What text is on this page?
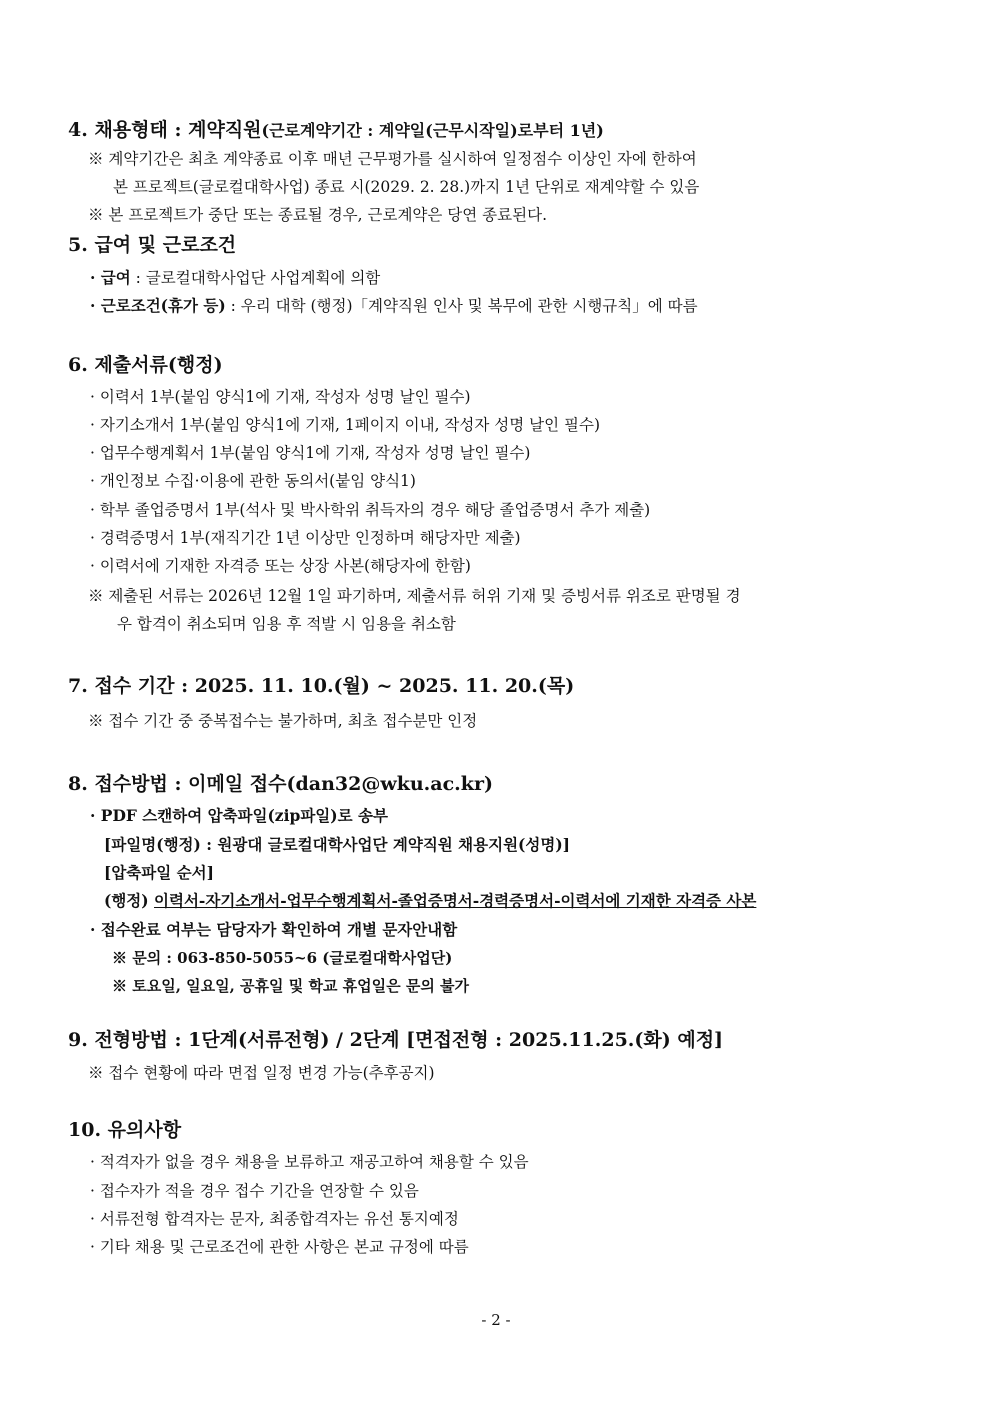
4. 채용형태 : 계약직원(근로계약기간 : 계약일(근무시작일)로부터 1년)
※ 계약기간은 최초 계약종료 이후 매년 근무평가를 실시하여 일정점수 이상인 자에 한하여
본 프로젝트(글로컬대학사업) 종료 시(2029. 2. 28.)까지 1년 단위로 재계약할 수 있음
※ 본 프로젝트가 중단 또는 종료될 경우, 근로계약은 당연 종료된다.
5. 급여 및 근로조건
· 급여 : 글로컬대학사업단 사업계획에 의함
· 근로조건(휴가 등) : 우리 대학 (행정)「계약직원 인사 및 복무에 관한 시행규칙」에 따름
6. 제출서류(행정)
· 이력서 1부(붙임 양식1에 기재, 작성자 성명 날인 필수)
· 자기소개서 1부(붙임 양식1에 기재, 1페이지 이내, 작성자 성명 날인 필수)
· 업무수행계획서 1부(붙임 양식1에 기재, 작성자 성명 날인 필수)
· 개인정보 수집·이용에 관한 동의서(붙임 양식1)
· 학부 졸업증명서 1부(석사 및 박사학위 취득자의 경우 해당 졸업증명서 추가 제출)
· 경력증명서 1부(재직기간 1년 이상만 인정하며 해당자만 제출)
· 이력서에 기재한 자격증 또는 상장 사본(해당자에 한함)
※ 제출된 서류는 2026년 12월 1일 파기하며, 제출서류 허위 기재 및 증빙서류 위조로 판명될 경
우 합격이 취소되며 임용 후 적발 시 임용을 취소함
7. 접수 기간 : 2025. 11. 10.(월) ~ 2025. 11. 20.(목)
※ 접수 기간 중 중복접수는 불가하며, 최초 접수분만 인정
8. 접수방법 : 이메일 접수(dan32@wku.ac.kr)
· PDF 스캔하여 압축파일(zip파일)로 송부
[파일명(행정) : 원광대 글로컬대학사업단 계약직원 채용지원(성명)]
[압축파일 순서]
(행정) 이력서-자기소개서-업무수행계획서-졸업증명서-경력증명서-이력서에 기재한 자격증 사본
· 접수완료 여부는 담당자가 확인하여 개별 문자안내함
※ 문의 : 063-850-5055~6 (글로컬대학사업단)
※ 토요일, 일요일, 공휴일 및 학교 휴업일은 문의 불가
9. 전형방법 : 1단계(서류전형) / 2단계 [면접전형 : 2025.11.25.(화) 예정]
※ 접수 현황에 따라 면접 일정 변경 가능(추후공지)
10. 유의사항
· 적격자가 없을 경우 채용을 보류하고 재공고하여 채용할 수 있음
· 접수자가 적을 경우 접수 기간을 연장할 수 있음
· 서류전형 합격자는 문자, 최종합격자는 유선 통지예정
· 기타 채용 및 근로조건에 관한 사항은 본교 규정에 따름
- 2 -
